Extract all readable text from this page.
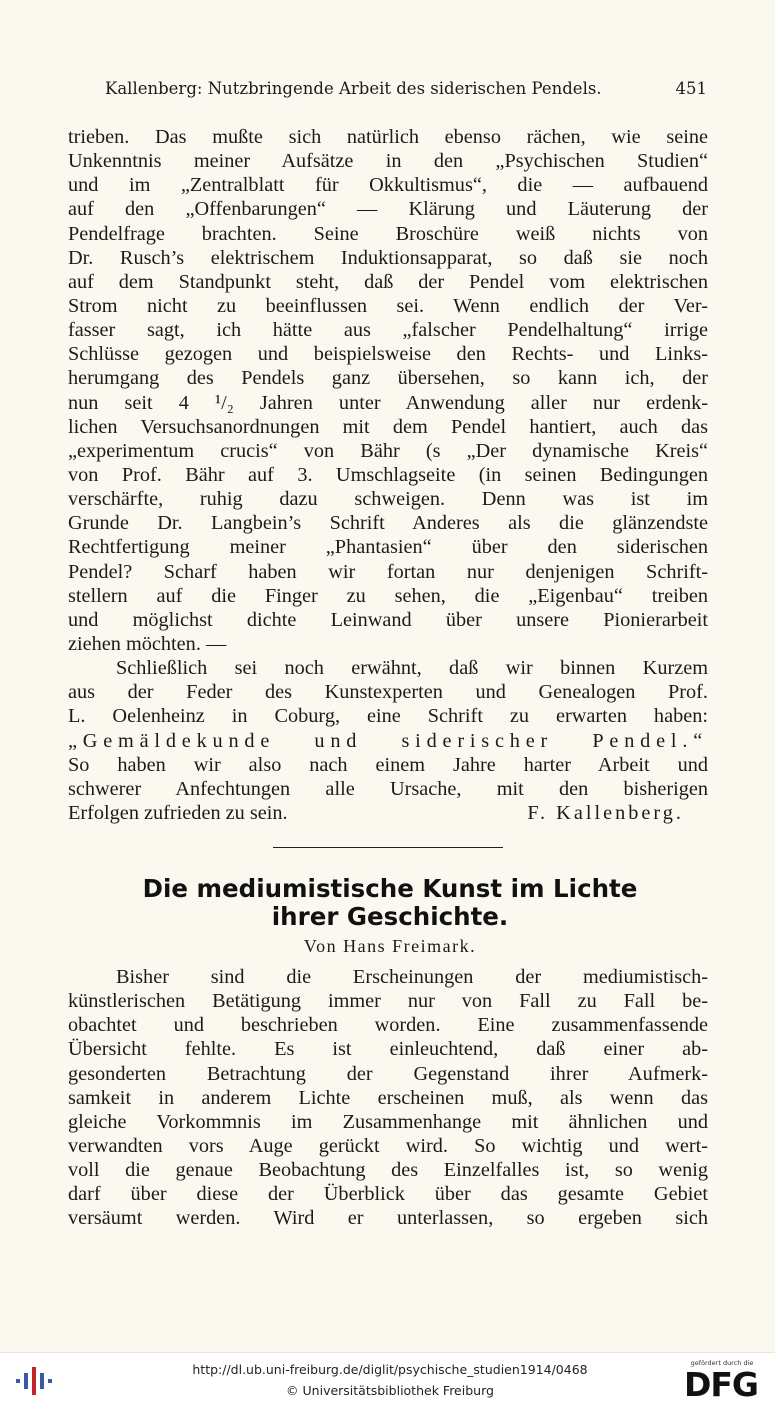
Kallenberg: Nutzbringende Arbeit des siderischen Pendels.	451
trieben. Das mußte sich natürlich ebenso rächen, wie seine
Unkenntnis meiner Aufsätze in den „Psychischen Studien“
und im „Zentralblatt für Okkultismus“, die — aufbauend
auf den „Offenbarungen“ — Klärung und Läuterung der
Pendelfrage brachten. Seine Broschüre weiß nichts von
Dr. Rusch’s elektrischem Induktionsapparat, so daß sie noch
auf dem Standpunkt steht, daß der Pendel vom elektrischen
Strom nicht zu beeinflussen sei. Wenn endlich der Ver-
fasser sagt, ich hätte aus „falscher Pendelhaltung“ irrige
Schlüsse gezogen und beispielsweise den Rechts- und Links-
herumgang des Pendels ganz übersehen, so kann ich, der
nun seit 4 ¹/₂ Jahren unter Anwendung aller nur erdenk-
lichen Versuchsanordnungen mit dem Pendel hantiert, auch das
„experimentum crucis“ von Bähr (s „Der dynamische Kreis“
von Prof. Bähr auf 3. Umschlagseite (in seinen Bedingungen
verschärfte, ruhig dazu schweigen. Denn was ist im
Grunde Dr. Langbein’s Schrift Anderes als die glänzendste
Rechtfertigung meiner „Phantasien“ über den siderischen
Pendel? Scharf haben wir fortan nur denjenigen Schrift-
stellern auf die Finger zu sehen, die „Eigenbau“ treiben
und möglichst dichte Leinwand über unsere Pionierarbeit
ziehen möchten. —
Schließlich sei noch erwähnt, daß wir binnen Kurzem
aus der Feder des Kunstexperten und Genealogen Prof.
L. Oelenheinz in Coburg, eine Schrift zu erwarten haben:
„Gemäldekunde und siderischer Pendel.“
So haben wir also nach einem Jahre harter Arbeit und
schwerer Anfechtungen alle Ursache, mit den bisherigen
Erfolgen zufrieden zu sein.	F. Kallenberg.
Die mediumistische Kunst im Lichte
ihrer Geschichte.
Von Hans Freimark.
Bisher sind die Erscheinungen der mediumistisch-
künstlerischen Betätigung immer nur von Fall zu Fall be-
obachtet und beschrieben worden. Eine zusammenfassende
Übersicht fehlte. Es ist einleuchtend, daß einer ab-
gesonderten Betrachtung der Gegenstand ihrer Aufmerk-
samkeit in anderem Lichte erscheinen muß, als wenn das
gleiche Vorkommnis im Zusammenhange mit ähnlichen und
verwandten vors Auge gerückt wird. So wichtig und wert-
voll die genaue Beobachtung des Einzelfalles ist, so wenig
darf über diese der Überblick über das gesamte Gebiet
versäumt werden. Wird er unterlassen, so ergeben sich
http://dl.ub.uni-freiburg.de/diglit/psychische_studien1914/0468
© Universitätsbibliothek Freiburg
gefördert durch die
DFG
